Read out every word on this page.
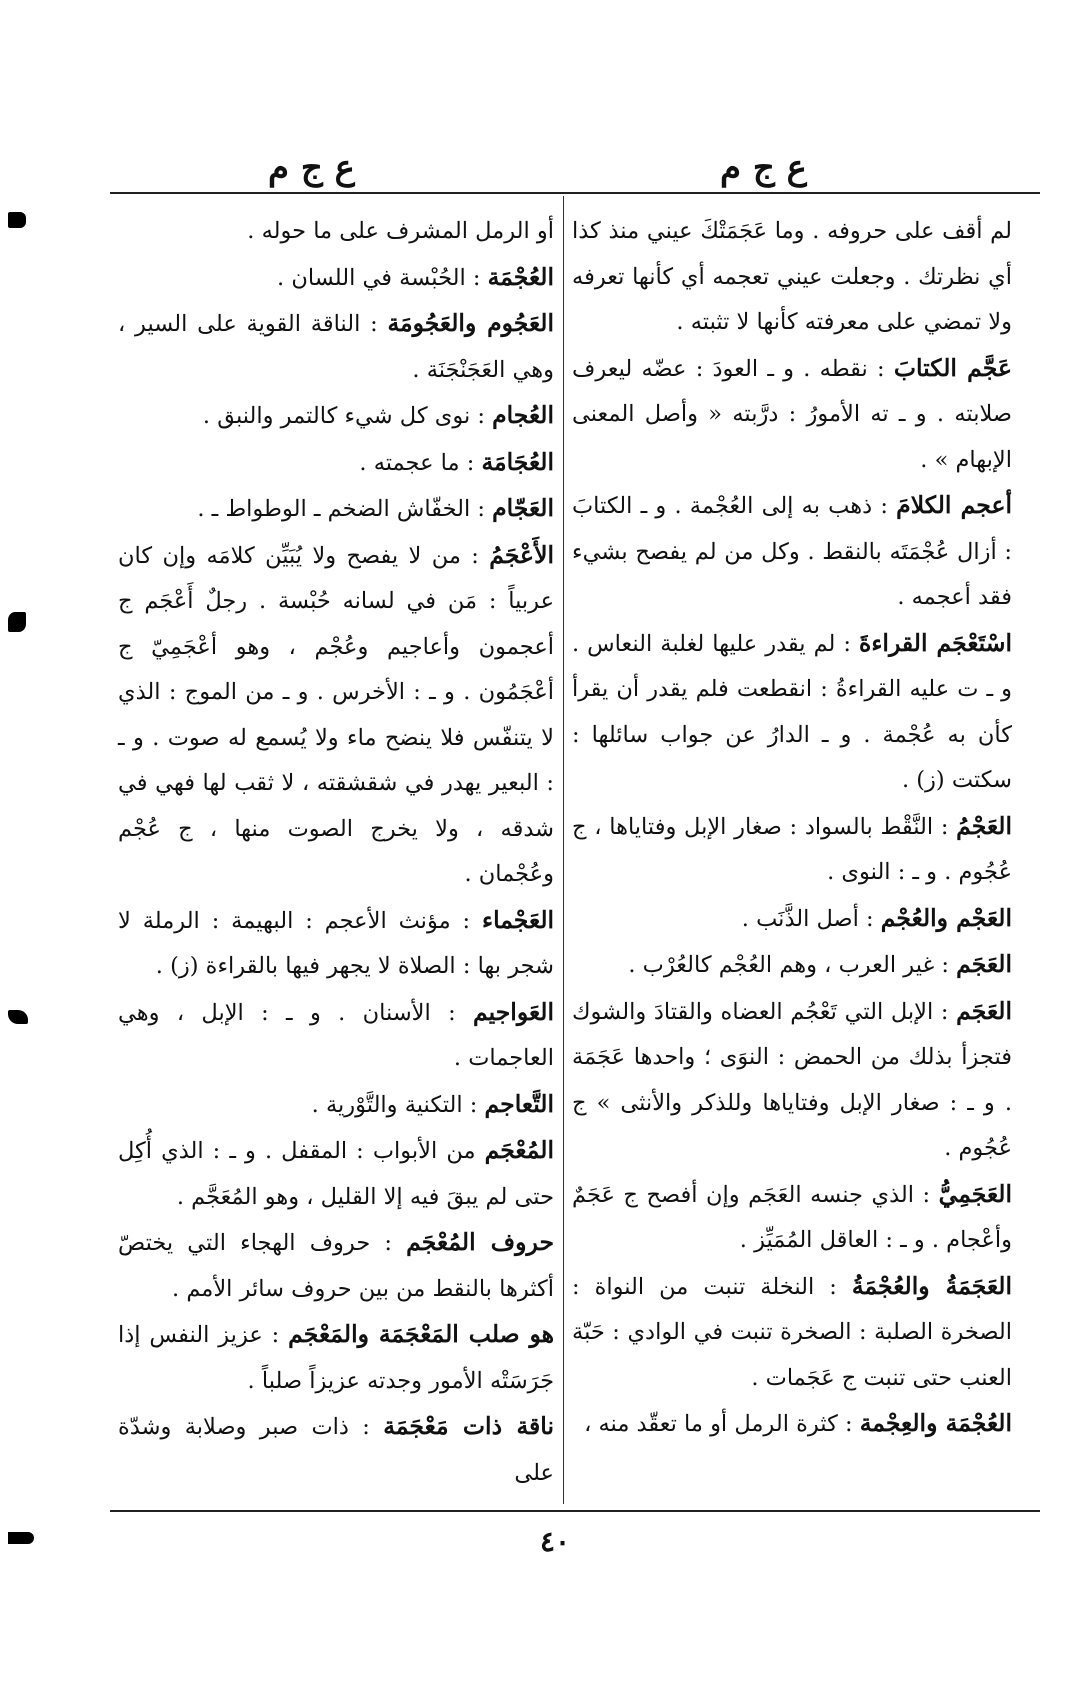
ع ج م
ع ج م

لم أقف على حروفه . وما عَجَمَتْكَ عيني منذ كذا أي نظرتك . وجعلت عيني تعجمه أي كأنها تعرفه ولا تمضي على معرفته كأنها لا تثبته .

عَجَّم الكتابَ : نقطه . و ـ العودَ : عضّه ليعرف صلابته . و ـ ته الأمورُ : درَّبته « وأصل المعنى الإبهام » .

أعجم الكلامَ : ذهب به إلى العُجْمة . و ـ الكتابَ : أزال عُجْمَتَه بالنقط . وكل من لم يفصح بشيء فقد أعجمه .

اسْتَعْجَم القراءةَ : لم يقدر عليها لغلبة النعاس . و ـ ت عليه القراءةُ : انقطعت فلم يقدر أن يقرأ كأن به عُجْمة . و ـ الدارُ عن جواب سائلها : سكتت (ز) .

العَجْمُ : النَّقْط بالسواد : صغار الإبل وفتاياها ، ج عُجُوم . و ـ : النوى .

العَجْم والعُجْم : أصل الذَّنَب .

العَجَم : غير العرب ، وهم العُجْم كالعُرْب .

العَجَم : الإبل التي تَعْجُم العضاه والقتادَ والشوك فتجزأ بذلك من الحمض : النوَى ؛ واحدها عَجَمَة . و ـ : صغار الإبل وفتاياها وللذكر والأنثى » ج عُجُوم .

العَجَمِيُّ : الذي جنسه العَجَم وإن أفصح ج عَجَمٌ وأعْجام . و ـ : العاقل المُمَيِّز .

العَجَمَةُ والعُجْمَةُ : النخلة تنبت من النواة : الصخرة الصلبة : الصخرة تنبت في الوادي : حَبّة العنب حتى تنبت ج عَجَمات .

العُجْمَة والعِجْمة : كثرة الرمل أو ما تعقّد منه ،

أو الرمل المشرف على ما حوله .

العُجْمَة : الحُبْسة في اللسان .

العَجُوم والعَجُومَة : الناقة القوية على السير ، وهي العَجَنْجَنَة .

العُجام : نوى كل شيء كالتمر والنبق .

العُجَامَة : ما عجمته .

العَجّام : الخفّاش الضخم ـ الوطواط ـ .

الأَعْجَمُ : من لا يفصح ولا يُبَيِّن كلامَه وإن كان عربياً : مَن في لسانه حُبْسة . رجلٌ أَعْجَم ج أعجمون وأعاجيم وعُجْم ، وهو أعْجَمِيّ ج أعْجَمُون . و ـ : الأخرس . و ـ من الموج : الذي لا يتنفّس فلا ينضح ماء ولا يُسمع له صوت . و ـ : البعير يهدر في شقشقته ، لا ثقب لها فهي في شدقه ، ولا يخرج الصوت منها ، ج عُجْم وعُجْمان .

العَجْماء : مؤنث الأعجم : البهيمة : الرملة لا شجر بها : الصلاة لا يجهر فيها بالقراءة (ز) .

العَواجيم : الأسنان . و ـ : الإبل ، وهي العاجمات .

التَّعاجم : التكنية والتَّوْرية .

المُعْجَم من الأبواب : المقفل . و ـ : الذي أُكِل حتى لم يبقَ فيه إلا القليل ، وهو المُعَجَّم .

حروف المُعْجَم : حروف الهجاء التي يختصّ أكثرها بالنقط من بين حروف سائر الأمم .

هو صلب المَعْجَمَة والمَعْجَم : عزيز النفس إذا جَرَسَتْه الأمور وجدته عزيزاً صلباً .

ناقة ذات مَعْجَمَة : ذات صبر وصلابة وشدّة على

٤٠
